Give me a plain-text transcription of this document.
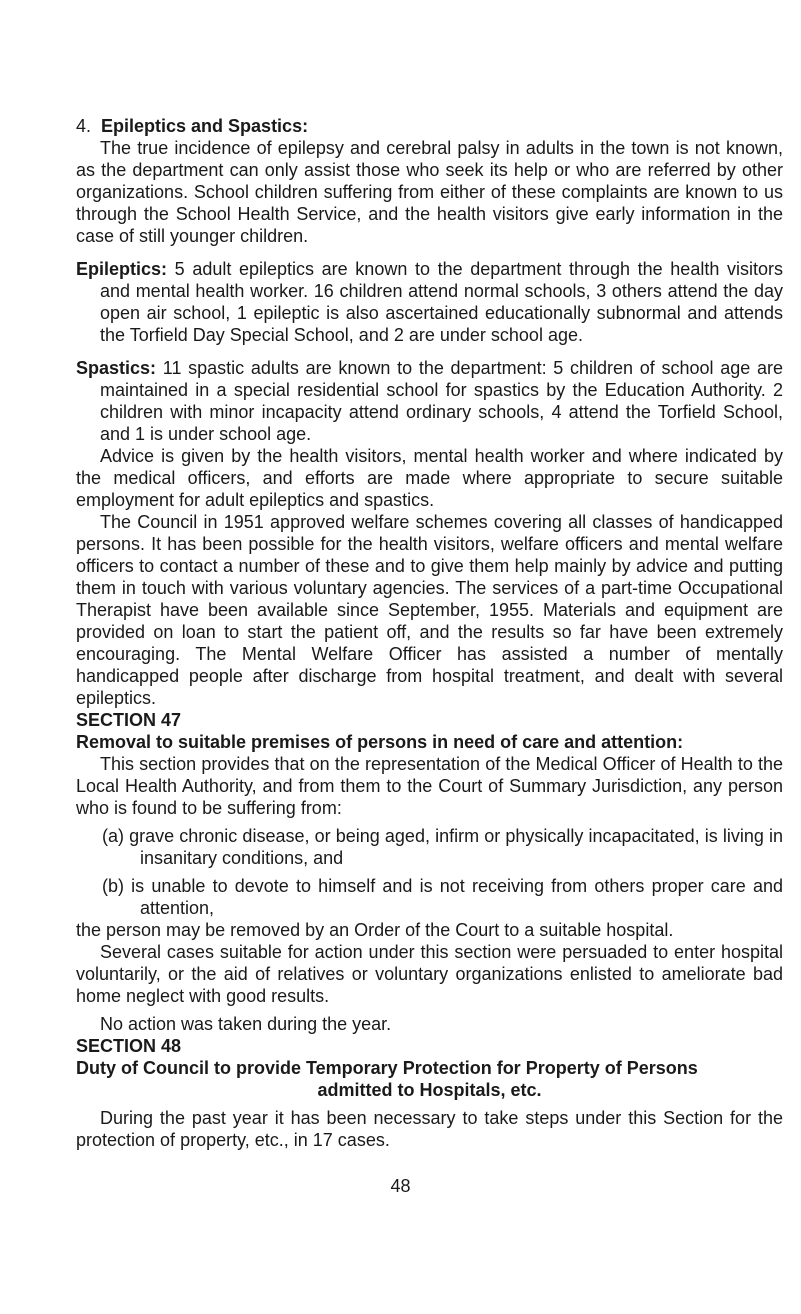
4. Epileptics and Spastics:

The true incidence of epilepsy and cerebral palsy in adults in the town is not known, as the department can only assist those who seek its help or who are referred by other organizations. School children suffering from either of these complaints are known to us through the School Health Service, and the health visitors give early information in the case of still younger children.

Epileptics: 5 adult epileptics are known to the department through the health visitors and mental health worker. 16 children attend normal schools, 3 others attend the day open air school, 1 epileptic is also ascertained educationally subnormal and attends the Torfield Day Special School, and 2 are under school age.

Spastics: 11 spastic adults are known to the department: 5 children of school age are maintained in a special residential school for spastics by the Education Authority. 2 children with minor incapacity attend ordinary schools, 4 attend the Torfield School, and 1 is under school age.

Advice is given by the health visitors, mental health worker and where indicated by the medical officers, and efforts are made where appropriate to secure suitable employment for adult epileptics and spastics.

The Council in 1951 approved welfare schemes covering all classes of handicapped persons. It has been possible for the health visitors, welfare officers and mental welfare officers to contact a number of these and to give them help mainly by advice and putting them in touch with various voluntary agencies. The services of a part-time Occupational Therapist have been available since September, 1955. Materials and equipment are provided on loan to start the patient off, and the results so far have been extremely encouraging. The Mental Welfare Officer has assisted a number of mentally handicapped people after discharge from hospital treatment, and dealt with several epileptics.

SECTION 47

Removal to suitable premises of persons in need of care and attention:

This section provides that on the representation of the Medical Officer of Health to the Local Health Authority, and from them to the Court of Summary Jurisdiction, any person who is found to be suffering from:

(a) grave chronic disease, or being aged, infirm or physically incapacitated, is living in insanitary conditions, and

(b) is unable to devote to himself and is not receiving from others proper care and attention,

the person may be removed by an Order of the Court to a suitable hospital.

Several cases suitable for action under this section were persuaded to enter hospital voluntarily, or the aid of relatives or voluntary organizations enlisted to ameliorate bad home neglect with good results.

No action was taken during the year.

SECTION 48

Duty of Council to provide Temporary Protection for Property of Persons

admitted to Hospitals, etc.

During the past year it has been necessary to take steps under this Section for the protection of property, etc., in 17 cases.

48
